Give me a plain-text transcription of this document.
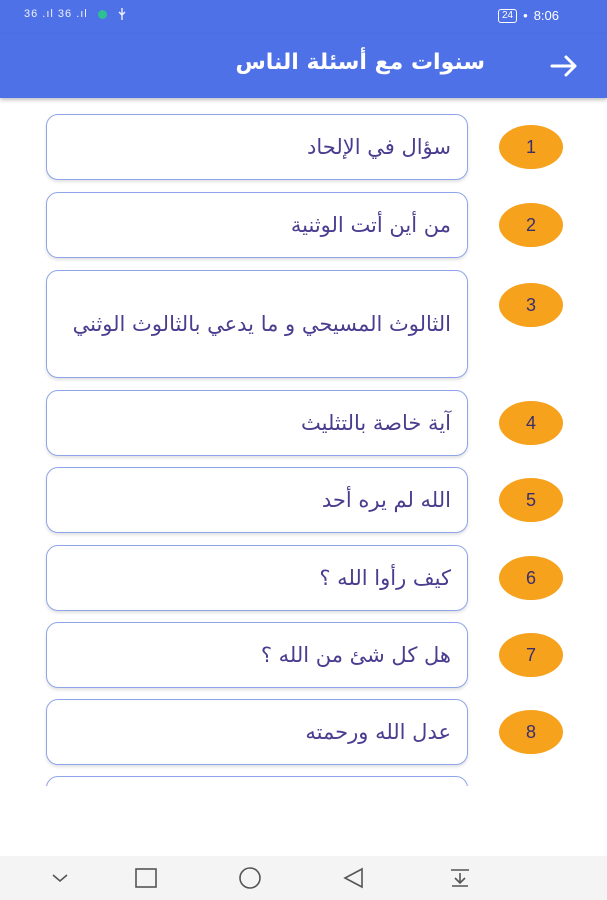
36 .ıl 36 .ıl	24 • 8:06
سنوات مع أسئلة الناس
سؤال في الإلحاد	1
من أين أتت الوثنية	2
الثالوث المسيحي و ما يدعي بالثالوث الوثني
3
آية خاصة بالتثليث	4
الله لم يره أحد	5
كيف رأوا الله ؟	6
هل كل شئ من الله ؟	7
عدل الله ورحمته	8
